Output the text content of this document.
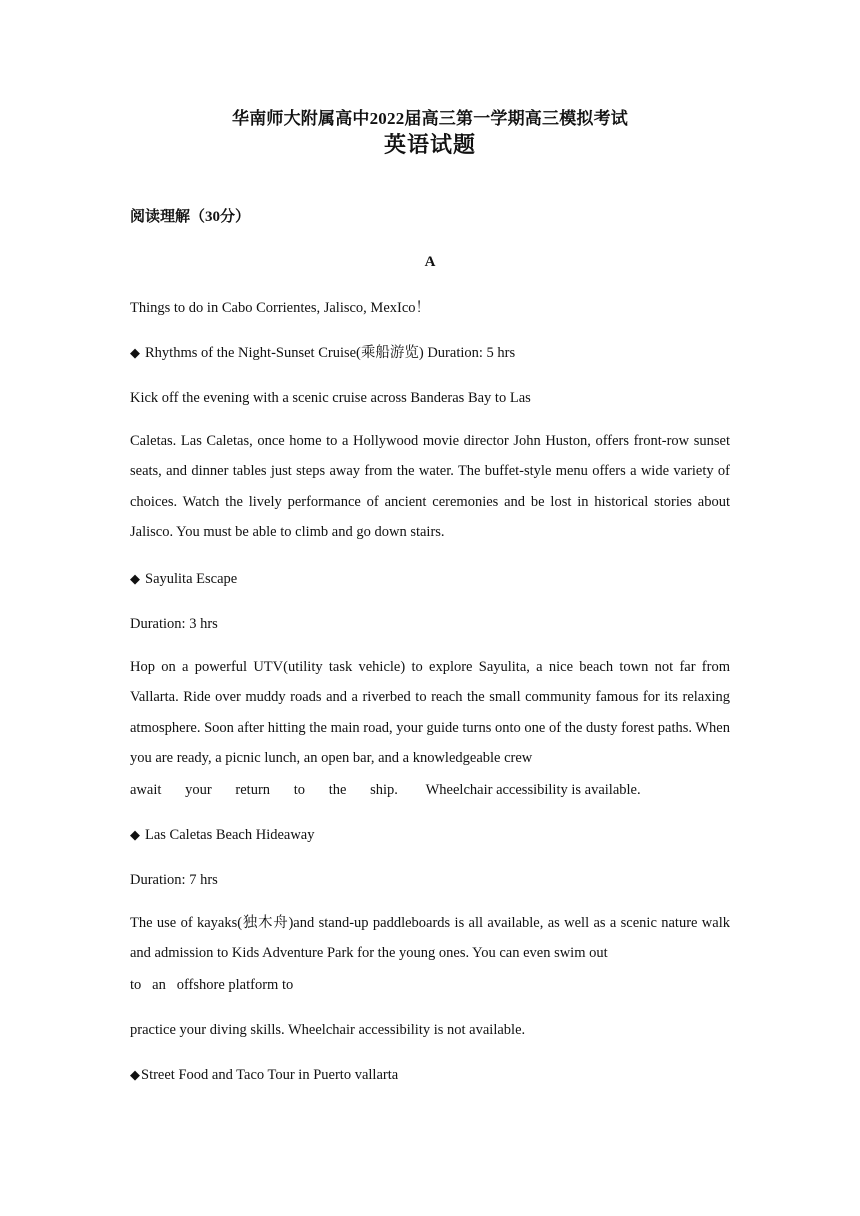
华南师大附属高中2022届高三第一学期高三模拟考试

英语试题

阅读理解（30分）

A

Things to do in Cabo Corrientes, Jalisco, MexIco！

◆ Rhythms of the Night-Sunset Cruise(乘船游览) Duration: 5 hrs

Kick off the evening with a scenic cruise across Banderas Bay to Las

Caletas. Las Caletas, once home to a Hollywood movie director John Huston, offers front-row sunset seats, and dinner tables just steps away from the water. The buffet-style menu offers a wide variety of choices. Watch the lively performance of ancient ceremonies and be lost in historical stories about Jalisco. You must be able to climb and go down stairs.

◆ Sayulita Escape

Duration: 3 hrs

Hop on a powerful UTV(utility task vehicle) to explore Sayulita, a nice beach town not far from Vallarta. Ride over muddy roads and a riverbed to reach the small community famous for its relaxing atmosphere. Soon after hitting the main road, your guide turns onto one of the dusty forest paths. When you are ready, a picnic lunch, an open bar, and a knowledgeable crew

await your return to the ship. Wheelchair accessibility is available.

◆ Las Caletas Beach Hideaway

Duration: 7 hrs

The use of kayaks(独木舟)and stand-up paddleboards is all available, as well as a scenic nature walk and admission to Kids Adventure Park for the young ones. You can even swim out

to   an   offshore platform to

practice your diving skills. Wheelchair accessibility is not available.

◆Street Food and Taco Tour in Puerto vallarta
